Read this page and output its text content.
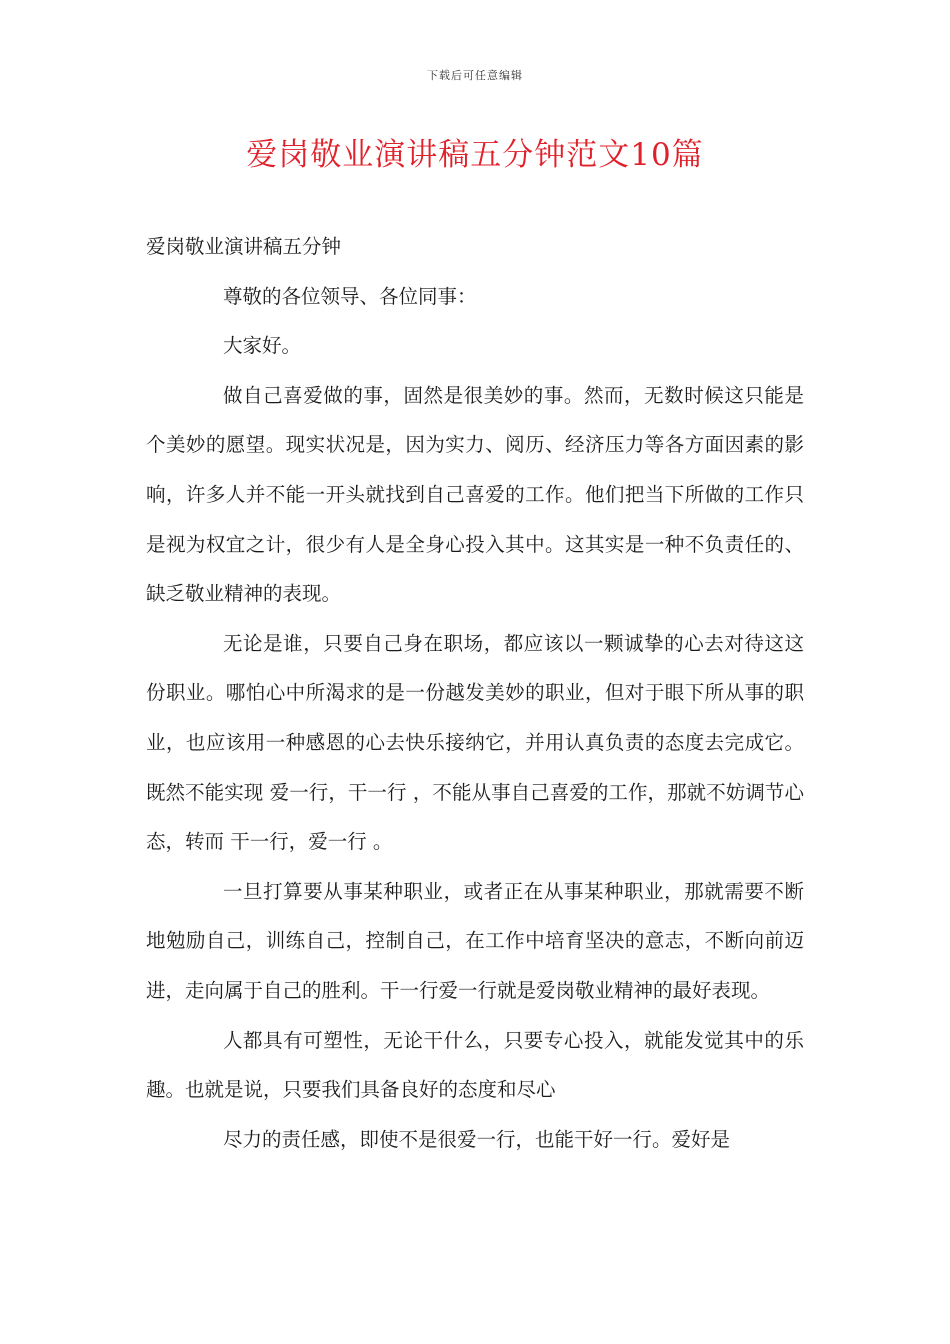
下载后可任意编辑
爱岗敬业演讲稿五分钟范文10篇

爱岗敬业演讲稿五分钟

尊敬的各位领导、各位同事：

大家好。

做自己喜爱做的事，固然是很美妙的事。然而，无数时候这只能是个美妙的愿望。现实状况是，因为实力、阅历、经济压力等各方面因素的影响，许多人并不能一开头就找到自己喜爱的工作。他们把当下所做的工作只是视为权宜之计，很少有人是全身心投入其中。这其实是一种不负责任的、缺乏敬业精神的表现。

无论是谁，只要自己身在职场，都应该以一颗诚挚的心去对待这这份职业。哪怕心中所渴求的是一份越发美妙的职业，但对于眼下所从事的职业，也应该用一种感恩的心去快乐接纳它，并用认真负责的态度去完成它。既然不能实现 爱一行，干一行 ，不能从事自己喜爱的工作，那就不妨调节心态，转而 干一行，爱一行 。

一旦打算要从事某种职业，或者正在从事某种职业，那就需要不断地勉励自己，训练自己，控制自己，在工作中培育坚决的意志，不断向前迈进，走向属于自己的胜利。干一行爱一行就是爱岗敬业精神的最好表现。

人都具有可塑性，无论干什么，只要专心投入，就能发觉其中的乐趣。也就是说，只要我们具备良好的态度和尽心

尽力的责任感，即使不是很爱一行，也能干好一行。爱好是
